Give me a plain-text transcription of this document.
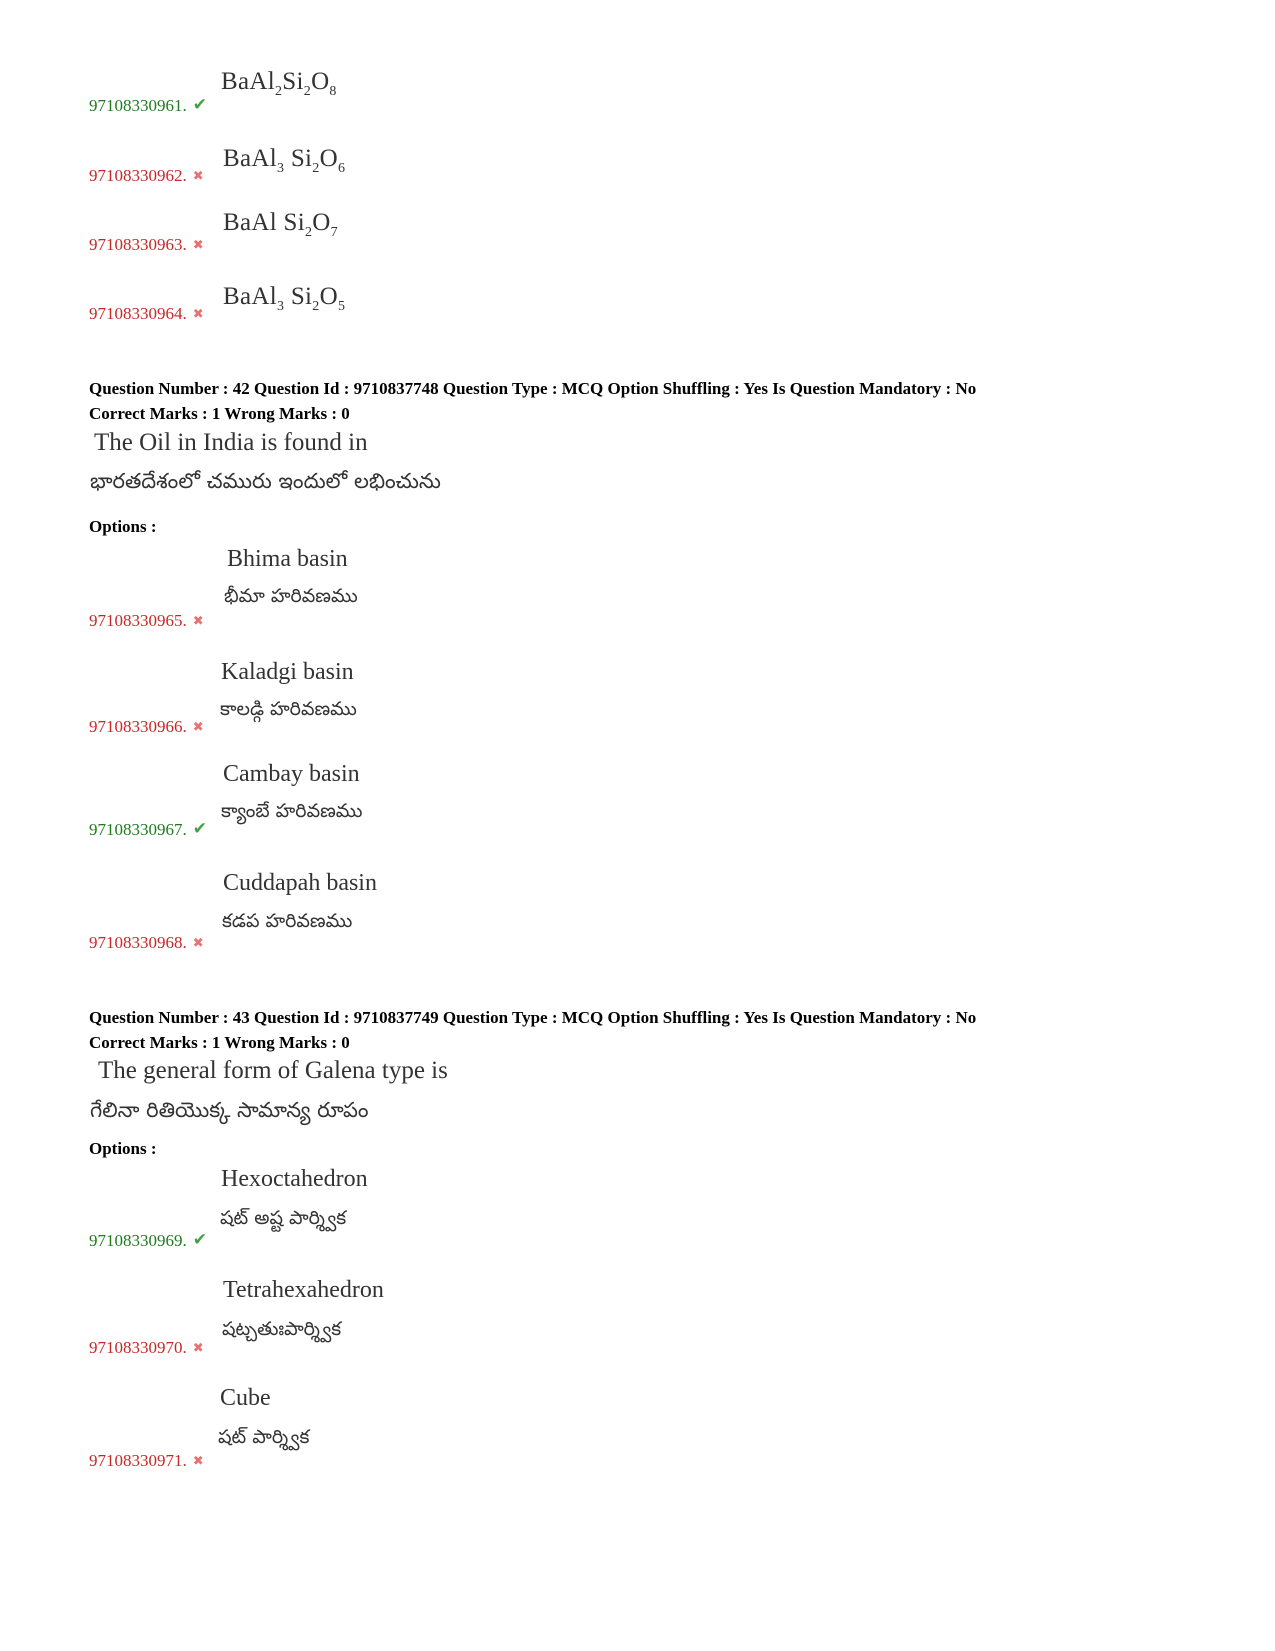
$BaAl_2Si_2O_8$
97108330961. ✔
BaAl$_3$ $Si_2O_6$
97108330962. ✖
BaAl $Si_2O_7$
97108330963. ✖
BaAl$_3$ $Si_2O_5$
97108330964. ✖
Question Number : 42 Question Id : 9710837748 Question Type : MCQ Option Shuffling : Yes Is Question Mandatory : No
Correct Marks : 1 Wrong Marks : 0
The Oil in India is found in
భారతదేశంలో చమురు ఇందులో లభించును
Options :
Bhima basin
భీమా హరివణము
97108330965. ✖
Kaladgi basin
కాలడ్గి హరివణము
97108330966. ✖
Cambay basin
క్యాంబే హరివణము
97108330967. ✔
Cuddapah basin
కడప హరివణము
97108330968. ✖
Question Number : 43 Question Id : 9710837749 Question Type : MCQ Option Shuffling : Yes Is Question Mandatory : No
Correct Marks : 1 Wrong Marks : 0
The general form of Galena type is
గేలినా రితియొక్క సామాన్య రూపం
Options :
Hexoctahedron
షట్ అష్ట పార్శ్విక
97108330969. ✔
Tetrahexahedron
షట్చతుఃపార్శ్విక
97108330970. ✖
Cube
షట్ పార్శ్విక
97108330971. ✖
